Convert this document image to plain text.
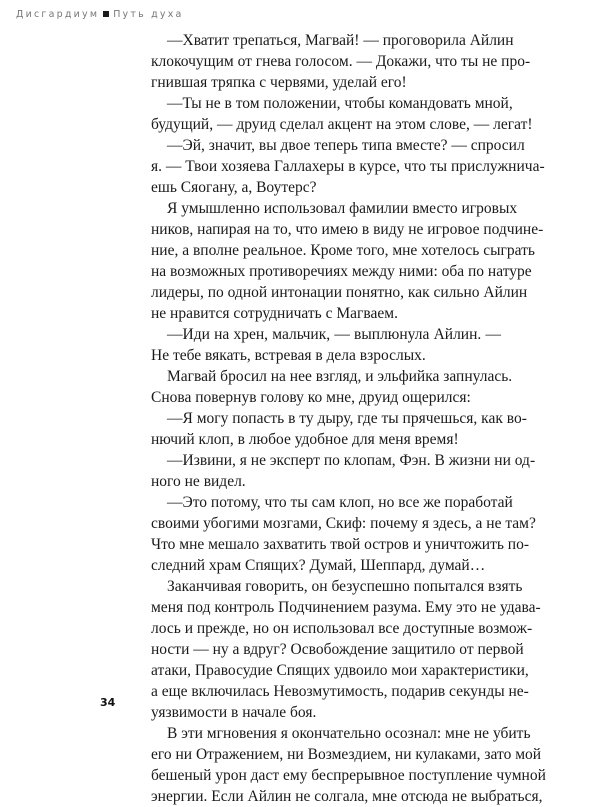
Дисгардиум Путь духа
—Хватит трепаться, Магвай! — проговорила Айлин
клокочущим от гнева голосом. — Докажи, что ты не про-
гнившая тряпка с червями, уделай его!
—Ты не в том положении, чтобы командовать мной,
будущий, — друид сделал акцент на этом слове, — легат!
—Эй, значит, вы двое теперь типа вместе? — спросил
я. — Твои хозяева Галлахеры в курсе, что ты прислужнича-
ешь Сяогану, а, Воутерс?
Я умышленно использовал фамилии вместо игровых
ников, напирая на то, что имею в виду не игровое подчине-
ние, а вполне реальное. Кроме того, мне хотелось сыграть
на возможных противоречиях между ними: оба по натуре
лидеры, по одной интонации понятно, как сильно Айлин
не нравится сотрудничать с Магваем.
—Иди на хрен, мальчик, — выплюнула Айлин. —
Не тебе вякать, встревая в дела взрослых.
Магвай бросил на нее взгляд, и эльфийка запнулась.
Снова повернув голову ко мне, друид ощерился:
—Я могу попасть в ту дыру, где ты прячешься, как во-
нючий клоп, в любое удобное для меня время!
—Извини, я не эксперт по клопам, Фэн. В жизни ни од-
ного не видел.
—Это потому, что ты сам клоп, но все же поработай
своими убогими мозгами, Скиф: почему я здесь, а не там?
Что мне мешало захватить твой остров и уничтожить по-
следний храм Спящих? Думай, Шеппард, думай…
Заканчивая говорить, он безуспешно попытался взять
меня под контроль Подчинением разума. Ему это не удава-
лось и прежде, но он использовал все доступные возмож-
ности — ну а вдруг? Освобождение защитило от первой
атаки, Правосудие Спящих удвоило мои характеристики,
а еще включилась Невозмутимость, подарив секунды не-
уязвимости в начале боя.
В эти мгновения я окончательно осознал: мне не убить
его ни Отражением, ни Возмездием, ни кулаками, зато мой
бешеный урон даст ему беспрерывное поступление чумной
энергии. Если Айлин не солгала, мне отсюда не выбраться,
34
